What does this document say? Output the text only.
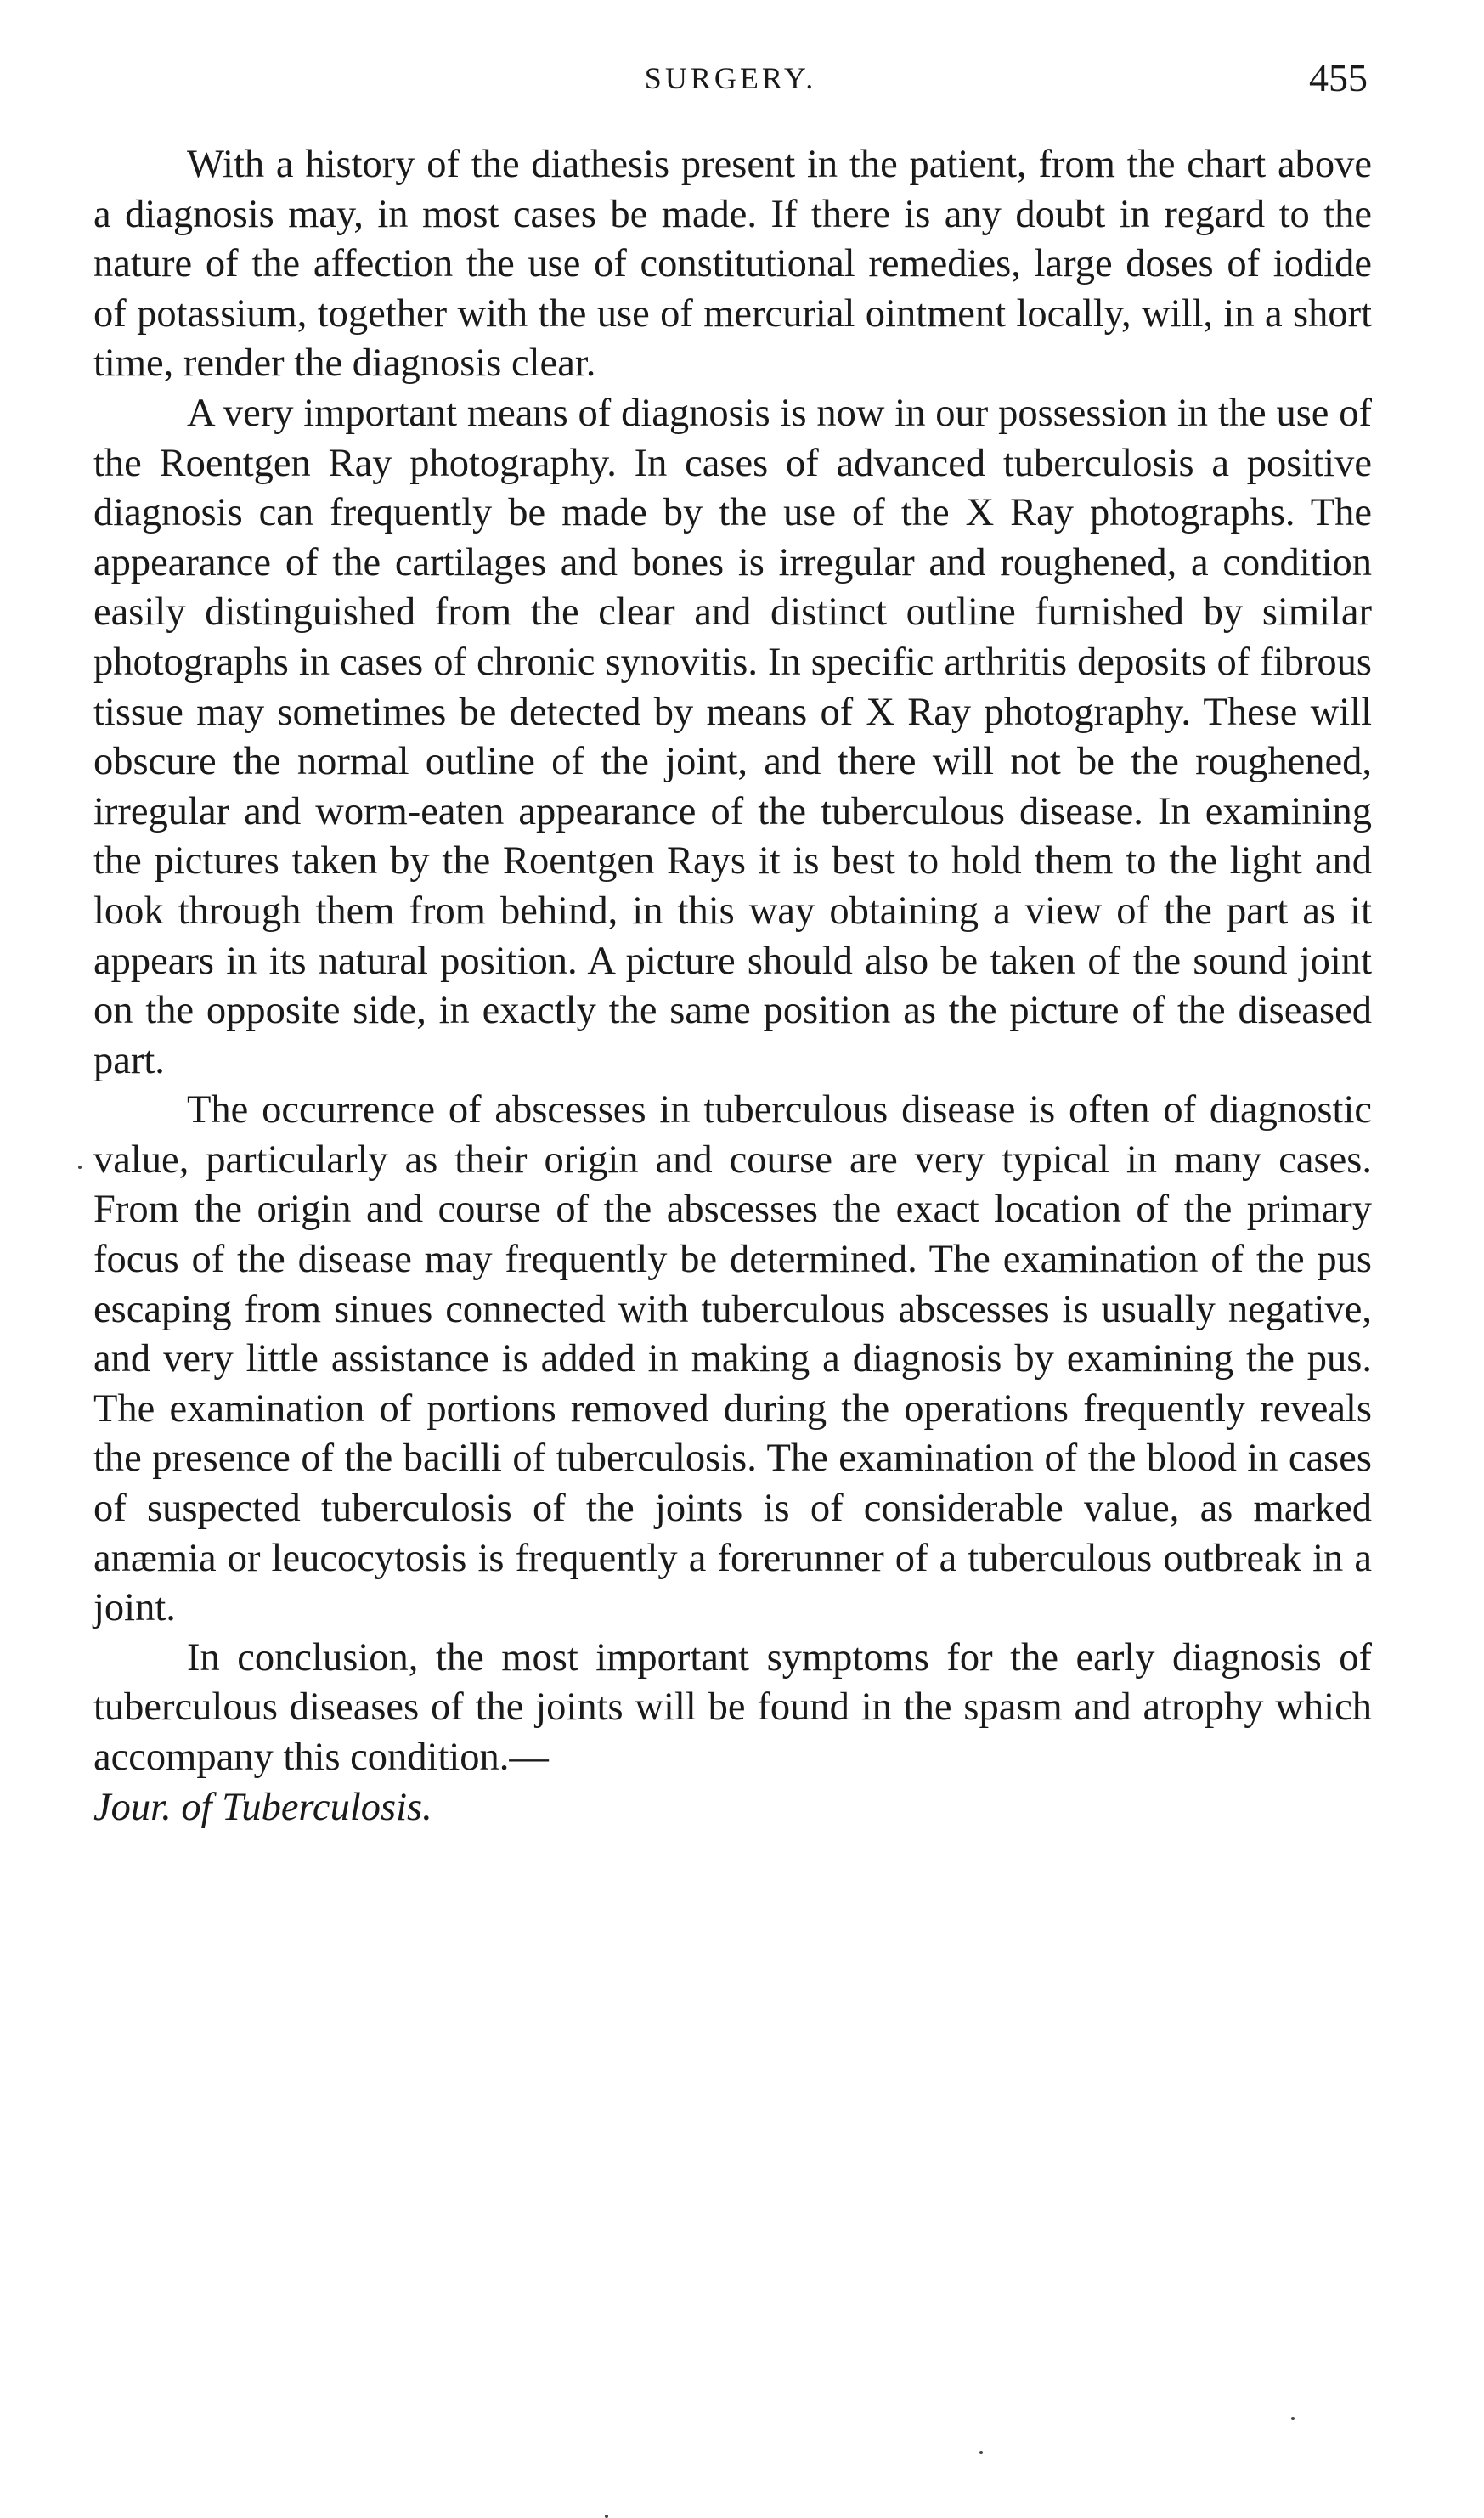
SURGERY.	455

With a history of the diathesis present in the patient, from the chart above a diagnosis may, in most cases be made. If there is any doubt in regard to the nature of the affection the use of constitutional remedies, large doses of iodide of potassium, together with the use of mercurial ointment locally, will, in a short time, render the diagnosis clear.

A very important means of diagnosis is now in our possession in the use of the Roentgen Ray photography. In cases of advanced tuberculosis a positive diagnosis can frequently be made by the use of the X Ray photographs. The appearance of the cartilages and bones is irregular and roughened, a condition easily distinguished from the clear and distinct outline furnished by similar photographs in cases of chronic synovitis. In specific arthritis deposits of fibrous tissue may sometimes be detected by means of X Ray photography. These will obscure the normal outline of the joint, and there will not be the roughened, irregular and worm-eaten appearance of the tuberculous disease. In examining the pictures taken by the Roentgen Rays it is best to hold them to the light and look through them from behind, in this way obtaining a view of the part as it appears in its natural position. A picture should also be taken of the sound joint on the opposite side, in exactly the same position as the picture of the diseased part.

The occurrence of abscesses in tuberculous disease is often of diagnostic value, particularly as their origin and course are very typical in many cases. From the origin and course of the abscesses the exact location of the primary focus of the disease may frequently be determined. The examination of the pus escaping from sinues connected with tuberculous abscesses is usually negative, and very little assistance is added in making a diagnosis by examining the pus. The examination of portions removed during the operations frequently reveals the presence of the bacilli of tuberculosis. The examination of the blood in cases of suspected tuberculosis of the joints is of considerable value, as marked anæmia or leucocytosis is frequently a forerunner of a tuberculous outbreak in a joint.

In conclusion, the most important symptoms for the early diagnosis of tuberculous diseases of the joints will be found in the spasm and atrophy which accompany this condition.—
Jour. of Tuberculosis.
